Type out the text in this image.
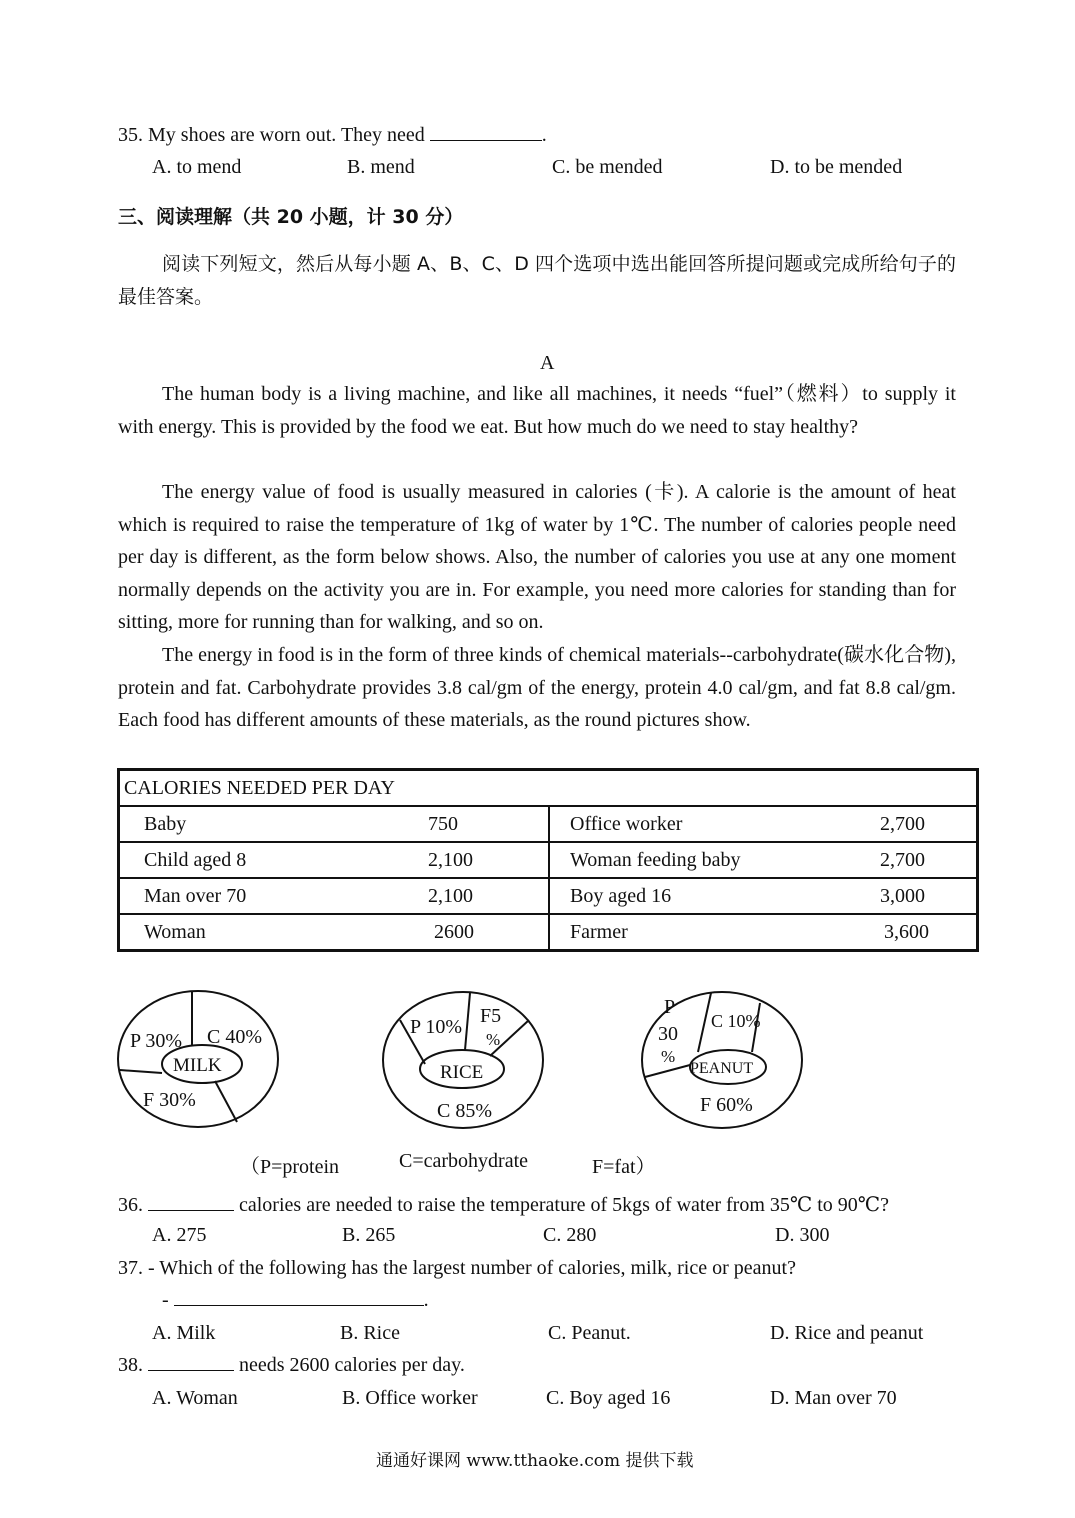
35. My shoes are worn out. They need	.
A. to mend	B. mend	C. be mended	D. to be mended
三、阅读理解（共 20 小题，计 30 分）
阅读下列短文，然后从每小题 A、B、C、D 四个选项中选出能回答所提问题或完成所给句子的最佳答案。
A
The human body is a living machine, and like all machines, it needs “fuel”（燃料）to supply it with energy. This is provided by the food we eat. But how much do we need to stay healthy?
The energy value of food is usually measured in calories (卡). A calorie is the amount of heat which is required to raise the temperature of 1kg of water by 1℃. The number of calories people need per day is different, as the form below shows. Also, the number of calories you use at any one moment normally depends on the activity you are in. For example, you need more calories for standing than for sitting, more for running than for walking, and so on.
The energy in food is in the form of three kinds of chemical materials--carbohydrate(碳水化合物), protein and fat. Carbohydrate provides 3.8 cal/gm of the energy, protein 4.0 cal/gm, and fat 8.8 cal/gm. Each food has different amounts of these materials, as the round pictures show.
CALORIES NEEDED PER DAY	

Baby 750	Office worker 2,700

Child aged 8 2,100	Woman feeding baby 2,700

Man over 70 2,100	Boy aged 16 3,000

Woman 2600	Farmer 3,600
P 30% C 40%
MILK
F 30%
P 10% F5
%
RICE
C 85%
P
30
%
C 10%
PEANUT
F 60%
（P=protein	C=carbohydrate	F=fat）
36.	calories are needed to raise the temperature of 5kgs of water from 35℃ to 90℃?
A. 275	B. 265	C. 280	D. 300
37. - Which of the following has the largest number of calories, milk, rice or peanut?
-	.
A. Milk	B. Rice	C. Peanut.	D. Rice and peanut
38.	needs 2600 calories per day.
A. Woman	B. Office worker	C. Boy aged 16	D. Man over 70
通通好课网 www.tthaoke.com 提供下载
